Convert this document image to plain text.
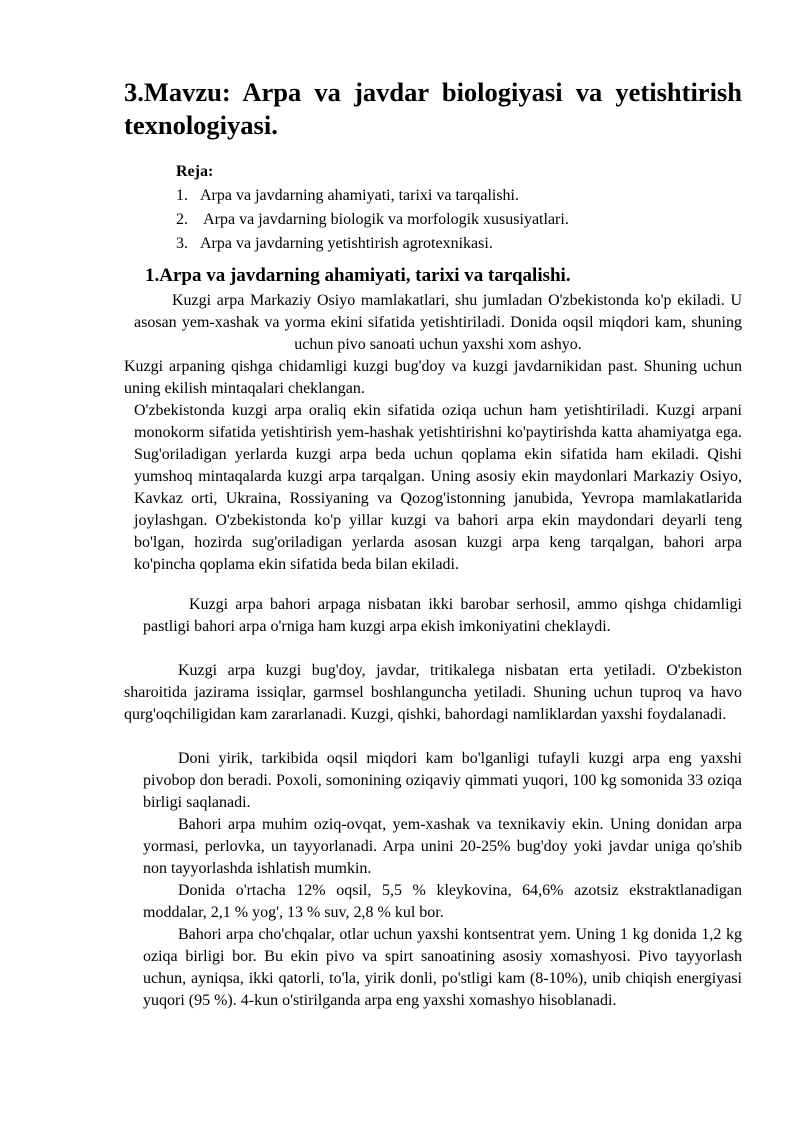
3.Mavzu: Arpa va javdar biologiyasi va yetishtirish texnologiyasi.

Reja:

1. Arpa va javdarning ahamiyati, tarixi va tarqalishi.
2. Arpa va javdarning biologik va morfologik xususiyatlari.
3. Arpa va javdarning yetishtirish agrotexnikasi.
1.Arpa va javdarning ahamiyati, tarixi va tarqalishi.

Kuzgi arpa Markaziy Osiyo mamlakatlari, shu jumladan O'zbekistonda ko'p ekiladi. U asosan yem-xashak va yorma ekini sifatida yetishtiriladi. Donida oqsil miqdori kam, shuning uchun pivo sanoati uchun yaxshi xom ashyo.

Kuzgi arpaning qishga chidamligi kuzgi bug'doy va kuzgi javdarnikidan past. Shuning uchun uning ekilish mintaqalari cheklangan.

O'zbekistonda kuzgi arpa oraliq ekin sifatida oziqa uchun ham yetishtiriladi. Kuzgi arpani monokorm sifatida yetishtirish yem-hashak yetishtirishni ko'paytirishda katta ahamiyatga ega. Sug'oriladigan yerlarda kuzgi arpa beda uchun qoplama ekin sifatida ham ekiladi. Qishi yumshoq mintaqalarda kuzgi arpa tarqalgan. Uning asosiy ekin maydonlari Markaziy Osiyo, Kavkaz orti, Ukraina, Rossiyaning va Qozog'istonning janubida, Yevropa mamlakatlarida joylashgan. O'zbekistonda ko'p yillar kuzgi va bahori arpa ekin maydondari deyarli teng bo'lgan, hozirda sug'oriladigan yerlarda asosan kuzgi arpa keng tarqalgan, bahori arpa ko'pincha qoplama ekin sifatida beda bilan ekiladi.

Kuzgi arpa bahori arpaga nisbatan ikki barobar serhosil, ammo qishga chidamligi pastligi bahori arpa o'rniga ham kuzgi arpa ekish imkoniyatini cheklaydi.

Kuzgi arpa kuzgi bug'doy, javdar, tritikalega nisbatan erta yetiladi. O'zbekiston sharoitida jazirama issiqlar, garmsel boshlanguncha yetiladi. Shuning uchun tuproq va havo qurg'oqchiligidan kam zararlanadi. Kuzgi, qishki, bahordagi namliklardan yaxshi foydalanadi.

Doni yirik, tarkibida oqsil miqdori kam bo'lganligi tufayli kuzgi arpa eng yaxshi pivobop don beradi. Poxoli, somonining oziqaviy qimmati yuqori, 100 kg somonida 33 oziqa birligi saqlanadi.

Bahori arpa muhim oziq-ovqat, yem-xashak va texnikaviy ekin. Uning donidan arpa yormasi, perlovka, un tayyorlanadi. Arpa unini 20-25% bug'doy yoki javdar uniga qo'shib non tayyorlashda ishlatish mumkin.

Donida o'rtacha 12% oqsil, 5,5 % kleykovina, 64,6% azotsiz ekstraktlanadigan moddalar, 2,1 % yog', 13 % suv, 2,8 % kul bor.

Bahori arpa cho'chqalar, otlar uchun yaxshi kontsentrat yem. Uning 1 kg donida 1,2 kg oziqa birligi bor. Bu ekin pivo va spirt sanoatining asosiy xomashyosi. Pivo tayyorlash uchun, ayniqsa, ikki qatorli, to'la, yirik donli, po'stligi kam (8-10%), unib chiqish energiyasi yuqori (95 %). 4-kun o'stirilganda arpa eng yaxshi xomashyo hisoblanadi.
